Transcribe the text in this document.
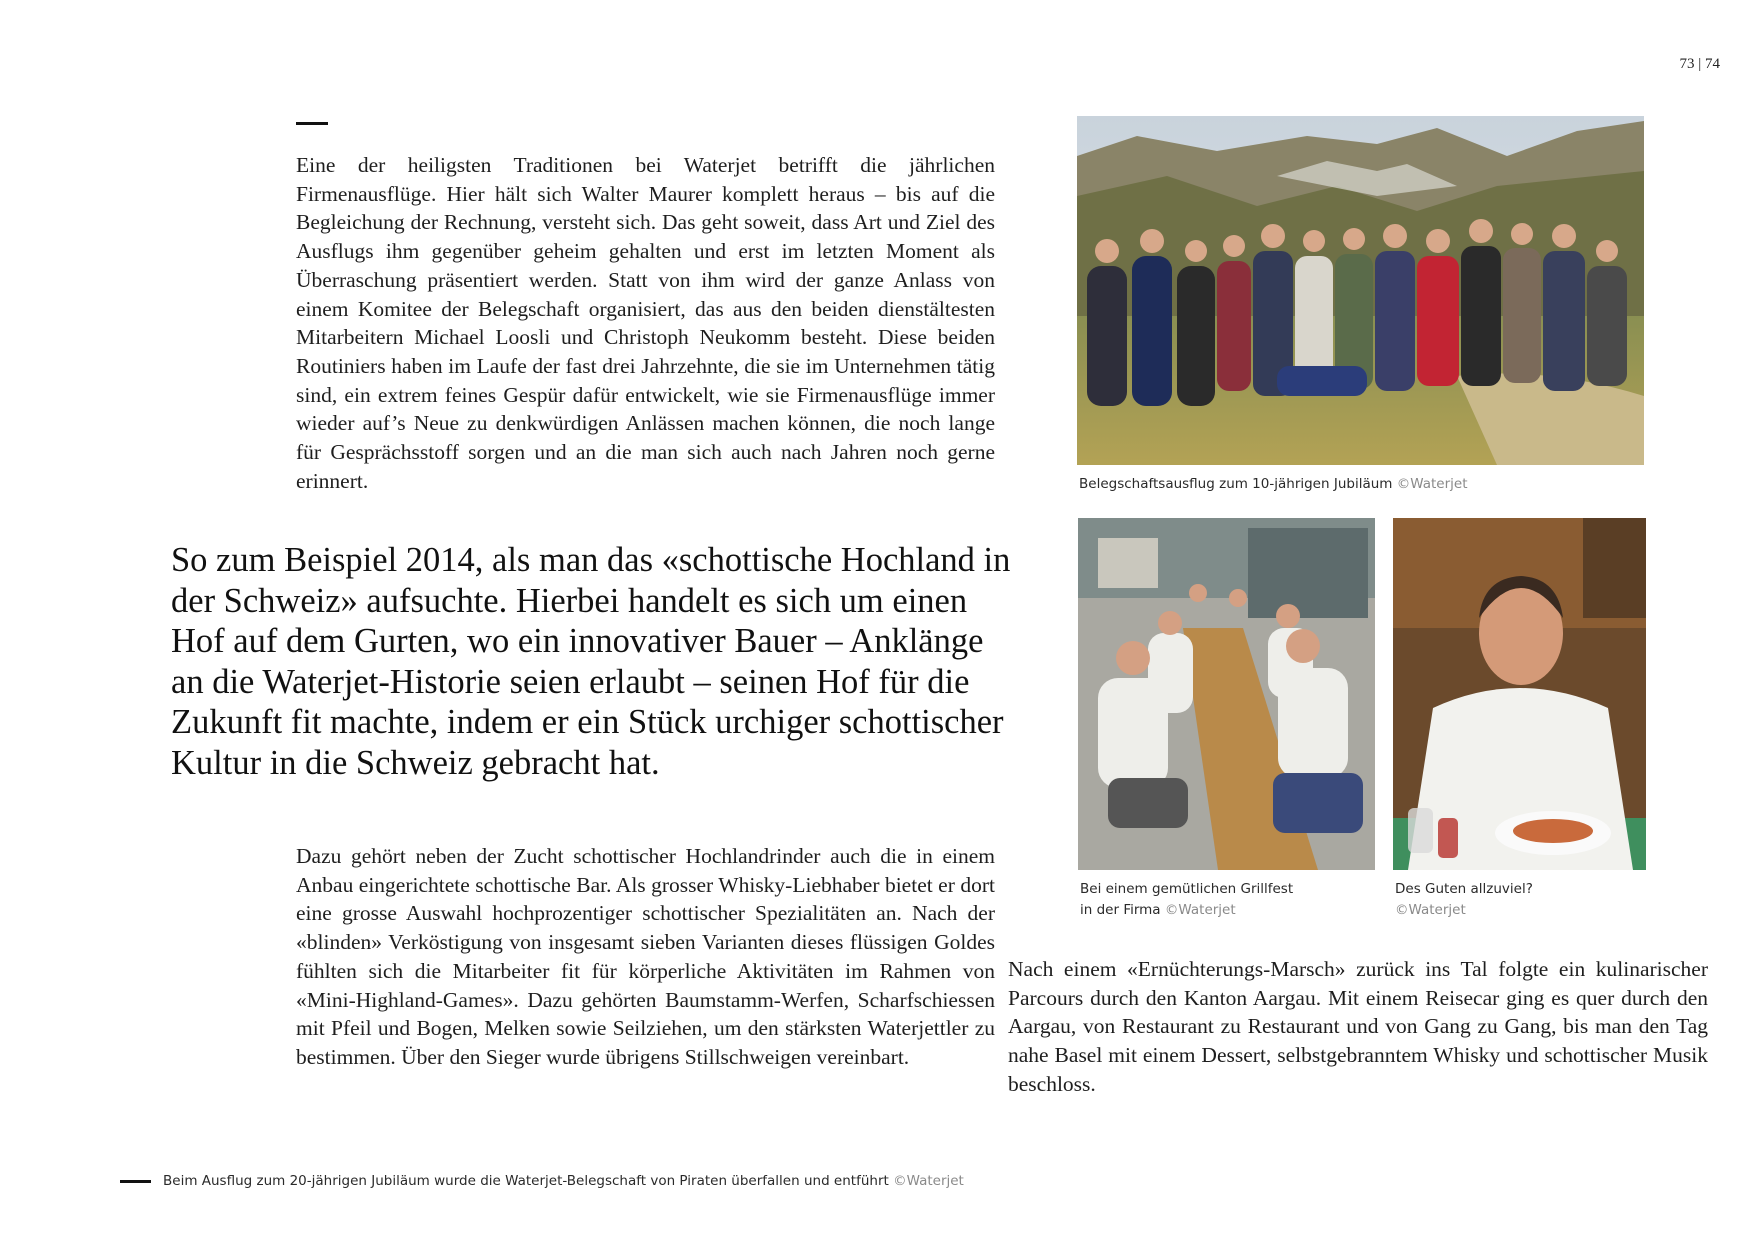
73 | 74

Eine der heiligsten Traditionen bei Waterjet betrifft die jährlichen Firmenausflüge. Hier hält sich Walter Maurer komplett heraus – bis auf die Begleichung der Rechnung, versteht sich. Das geht soweit, dass Art und Ziel des Ausflugs ihm gegenüber geheim gehalten und erst im letzten Moment als Überraschung präsentiert werden. Statt von ihm wird der ganze Anlass von einem Komitee der Belegschaft organisiert, das aus den beiden dienstältesten Mitarbeitern Michael Loosli und Christoph Neukomm besteht. Diese beiden Routiniers haben im Laufe der fast drei Jahrzehnte, die sie im Unternehmen tätig sind, ein extrem feines Gespür dafür entwickelt, wie sie Firmenausflüge immer wieder auf’s Neue zu denkwürdigen Anlässen machen können, die noch lange für Gesprächsstoff sorgen und an die man sich auch nach Jahren noch gerne erinnert.

So zum Beispiel 2014, als man das «schottische Hochland in der Schweiz» aufsuchte. Hierbei handelt es sich um einen Hof auf dem Gurten, wo ein innovativer Bauer – Anklänge an die Waterjet-Historie seien erlaubt – seinen Hof für die Zukunft fit machte, indem er ein Stück urchiger schottischer Kultur in die Schweiz gebracht hat.

Dazu gehört neben der Zucht schottischer Hochlandrinder auch die in einem Anbau eingerichtete schottische Bar. Als grosser Whisky-Liebhaber bietet er dort eine grosse Auswahl hochprozentiger schottischer Spezialitäten an. Nach der «blinden» Verköstigung von insgesamt sieben Varianten dieses flüssigen Goldes fühlten sich die Mitarbeiter fit für körperliche Aktivitäten im Rahmen von «Mini-Highland-Games». Dazu gehörten Baumstamm-Werfen, Scharfschiessen mit Pfeil und Bogen, Melken sowie Seilziehen, um den stärksten Waterjettler zu bestimmen. Über den Sieger wurde übrigens Stillschweigen vereinbart.

Nach einem «Ernüchterungs-Marsch» zurück ins Tal folgte ein kulinarischer Parcours durch den Kanton Aargau. Mit einem Reisecar ging es quer durch den Aargau, von Restaurant zu Restaurant und von Gang zu Gang, bis man den Tag nahe Basel mit einem Dessert, selbstgebranntem Whisky und schottischer Musik beschloss.

Belegschaftsausflug zum 10-jährigen Jubiläum ©Waterjet

Bei einem gemütlichen Grillfest
in der Firma ©Waterjet

Des Guten allzuviel?
©Waterjet

Beim Ausflug zum 20-jährigen Jubiläum wurde die Waterjet-Belegschaft von Piraten überfallen und entführt ©Waterjet
